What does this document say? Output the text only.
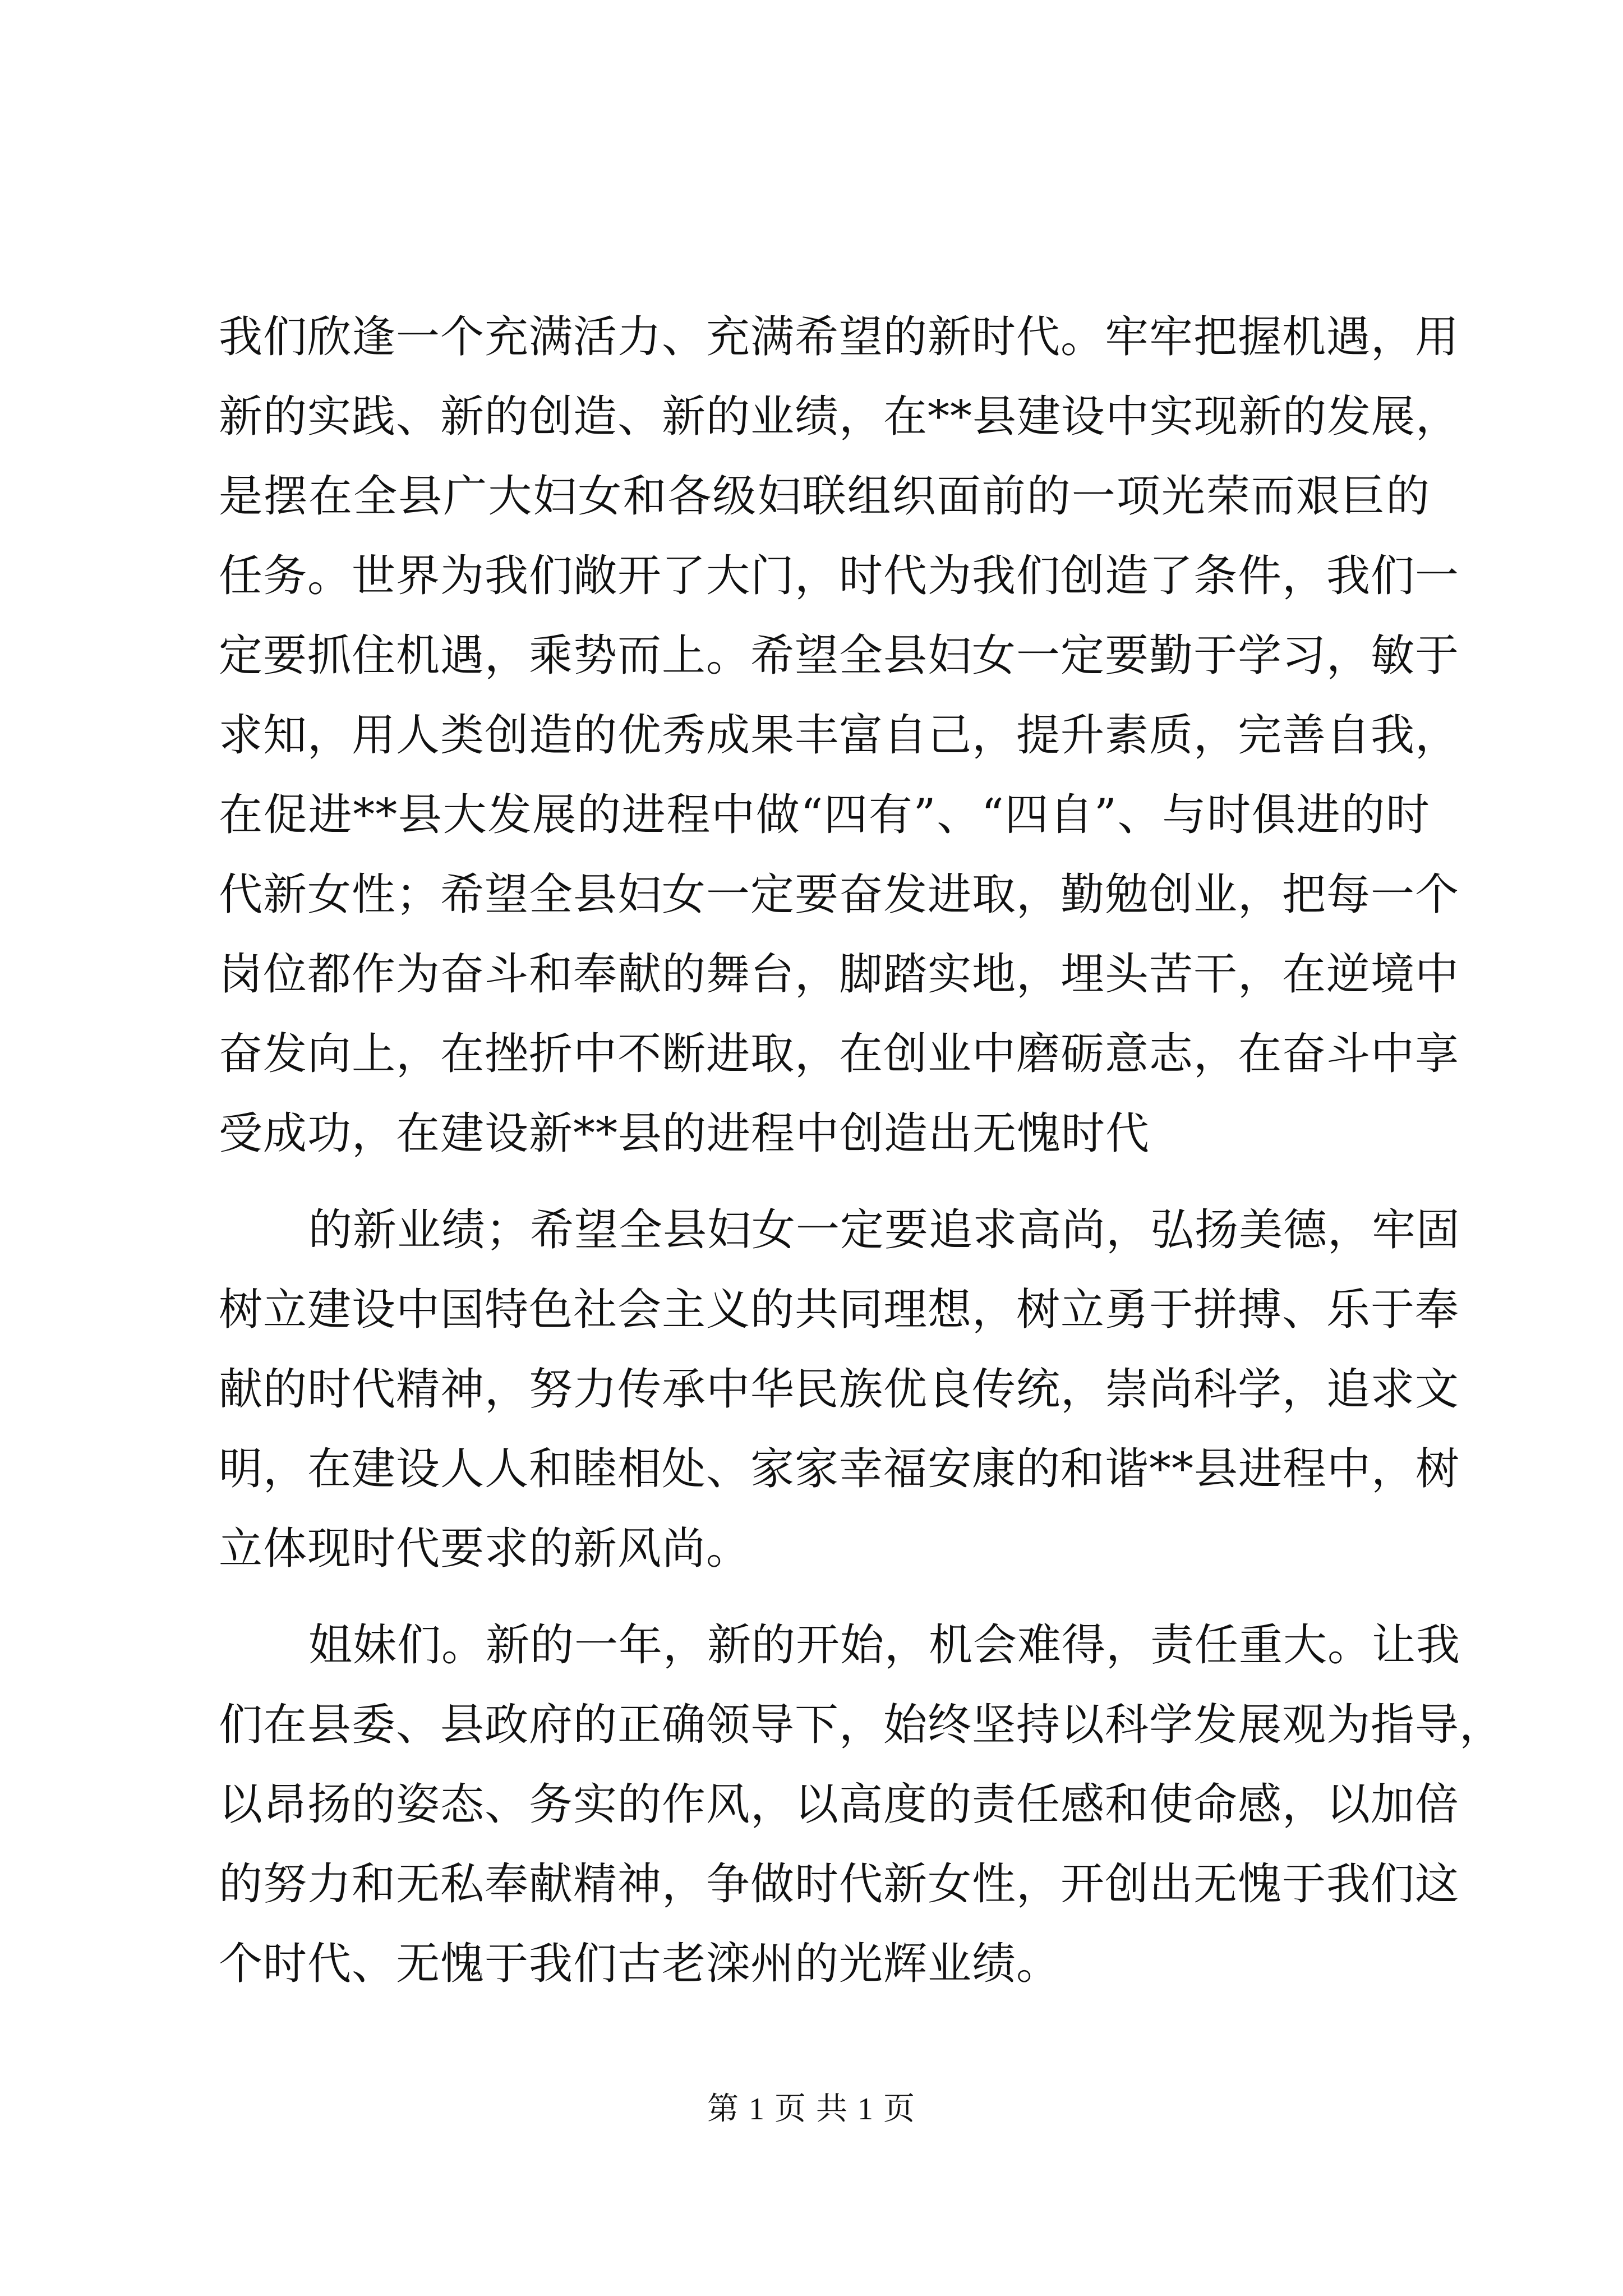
我们欣逢一个充满活力、充满希望的新时代。牢牢把握机遇，用
新的实践、新的创造、新的业绩，在**县建设中实现新的发展，
是摆在全县广大妇女和各级妇联组织面前的一项光荣而艰巨的
任务。世界为我们敞开了大门，时代为我们创造了条件，我们一
定要抓住机遇，乘势而上。希望全县妇女一定要勤于学习，敏于
求知，用人类创造的优秀成果丰富自己，提升素质，完善自我，
在促进**县大发展的进程中做“四有”、“四自”、与时俱进的时
代新女性；希望全县妇女一定要奋发进取，勤勉创业，把每一个
岗位都作为奋斗和奉献的舞台，脚踏实地，埋头苦干，在逆境中
奋发向上，在挫折中不断进取，在创业中磨砺意志，在奋斗中享
受成功，在建设新**县的进程中创造出无愧时代
的新业绩；希望全县妇女一定要追求高尚，弘扬美德，牢固
树立建设中国特色社会主义的共同理想，树立勇于拼搏、乐于奉
献的时代精神，努力传承中华民族优良传统，崇尚科学，追求文
明，在建设人人和睦相处、家家幸福安康的和谐**县进程中，树
立体现时代要求的新风尚。
姐妹们。新的一年，新的开始，机会难得，责任重大。让我
们在县委、县政府的正确领导下，始终坚持以科学发展观为指导，
以昂扬的姿态、务实的作风，以高度的责任感和使命感，以加倍
的努力和无私奉献精神，争做时代新女性，开创出无愧于我们这
个时代、无愧于我们古老滦州的光辉业绩。
第 1 页 共 1 页
